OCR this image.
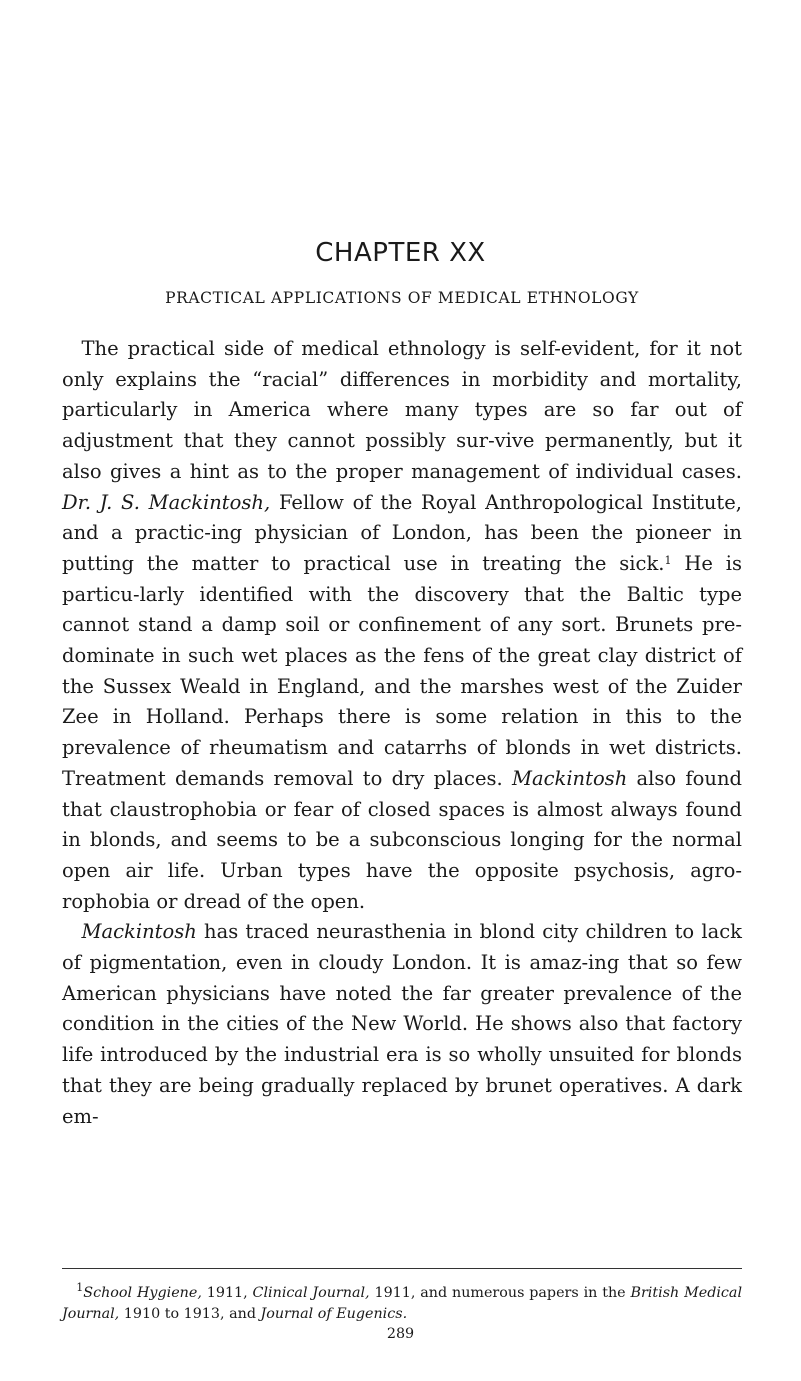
CHAPTER XX
PRACTICAL APPLICATIONS OF MEDICAL ETHNOLOGY

 The practical side of medical ethnology is self-evident, for it not only explains the “racial” differences in morbidity and mortality, particularly in America where many types are so far out of adjustment that they cannot possibly sur-vive permanently, but it also gives a hint as to the proper management of individual cases. Dr. J. S. Mackintosh, Fellow of the Royal Anthropological Institute, and a practic-ing physician of London, has been the pioneer in putting the matter to practical use in treating the sick.$^1$ He is particu-larly identified with the discovery that the Baltic type cannot stand a damp soil or confinement of any sort. Brunets pre-dominate in such wet places as the fens of the great clay district of the Sussex Weald in England, and the marshes west of the Zuider Zee in Holland. Perhaps there is some relation in this to the prevalence of rheumatism and catarrhs of blonds in wet districts. Treatment demands removal to dry places. Mackintosh also found that claustrophobia or fear of closed spaces is almost always found in blonds, and seems to be a subconscious longing for the normal open air life. Urban types have the opposite psychosis, agro-rophobia or dread of the open.

 Mackintosh has traced neurasthenia in blond city children to lack of pigmentation, even in cloudy London. It is amaz-ing that so few American physicians have noted the far greater prevalence of the condition in the cities of the New World. He shows also that factory life introduced by the industrial era is so wholly unsuited for blonds that they are being gradually replaced by brunet operatives. A dark em-

 $^1$School Hygiene, 1911, Clinical Journal, 1911, and numerous papers in the British Medical Journal, 1910 to 1913, and Journal of Eugenics.
289
